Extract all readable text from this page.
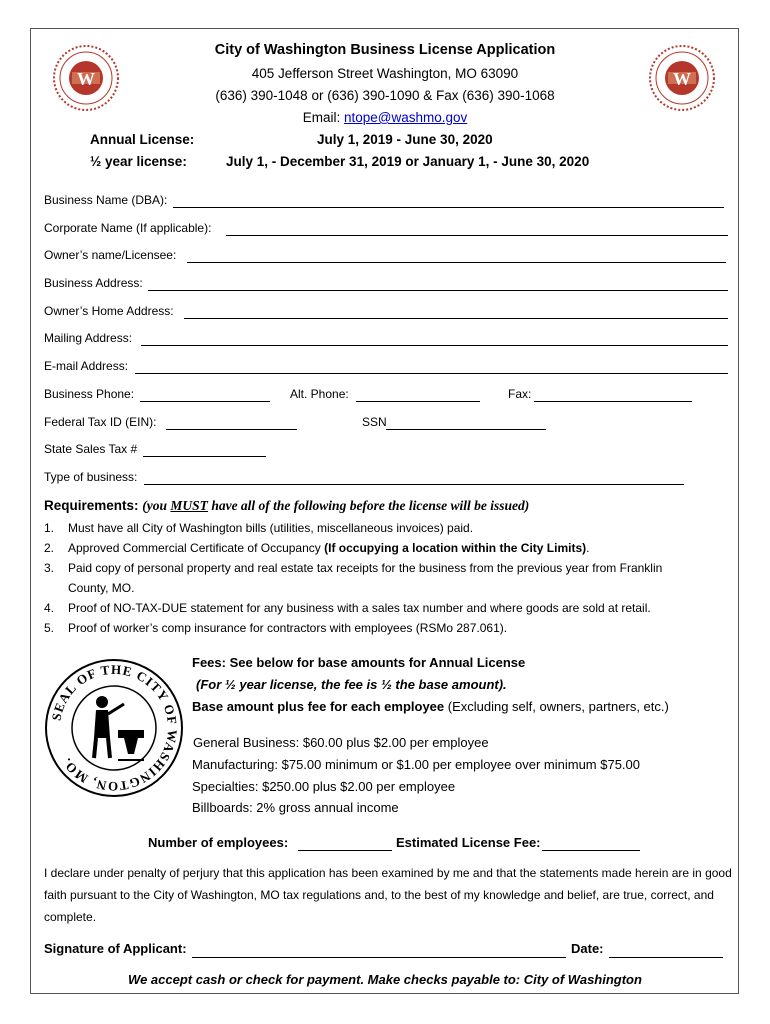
W	W
City of Washington Business License Application
405 Jefferson Street Washington, MO 63090
(636) 390-1048 or (636) 390-1090 & Fax (636) 390-1068
Email: ntope@washmo.gov
Annual License:	July 1, 2019 - June 30, 2020
½ year license:	July 1, - December 31, 2019 or January 1, - June 30, 2020
Business Name (DBA):
Corporate Name (If applicable):
Owner’s name/Licensee:
Business Address:
Owner’s Home Address:
Mailing Address:
E-mail Address:
Business Phone:	Alt. Phone:	Fax:
Federal Tax ID (EIN):	SSN
State Sales Tax #
Type of business:
Requirements: (you MUST have all of the following before the license will be issued)
1. Must have all City of Washington bills (utilities, miscellaneous invoices) paid.
2. Approved Commercial Certificate of Occupancy (If occupying a location within the City Limits).
3. Paid copy of personal property and real estate tax receipts for the business from the previous year from Franklin
County, MO.
4. Proof of NO-TAX-DUE statement for any business with a sales tax number and where goods are sold at retail.
5. Proof of worker’s comp insurance for contractors with employees (RSMo 287.061).
SEAL OF THE CITY OF WASHINGTON, MO.
Fees: See below for base amounts for Annual License
(For ½ year license, the fee is ½ the base amount).
Base amount plus fee for each employee (Excluding self, owners, partners, etc.)
General Business: $60.00 plus $2.00 per employee
Manufacturing: $75.00 minimum or $1.00 per employee over minimum $75.00
Specialties: $250.00 plus $2.00 per employee
Billboards: 2% gross annual income
Number of employees:	Estimated License Fee:
I declare under penalty of perjury that this application has been examined by me and that the statements made herein are in good faith pursuant to the City of Washington, MO tax regulations and, to the best of my knowledge and belief, are true, correct, and complete.
Signature of Applicant:	Date:
We accept cash or check for payment. Make checks payable to: City of Washington
